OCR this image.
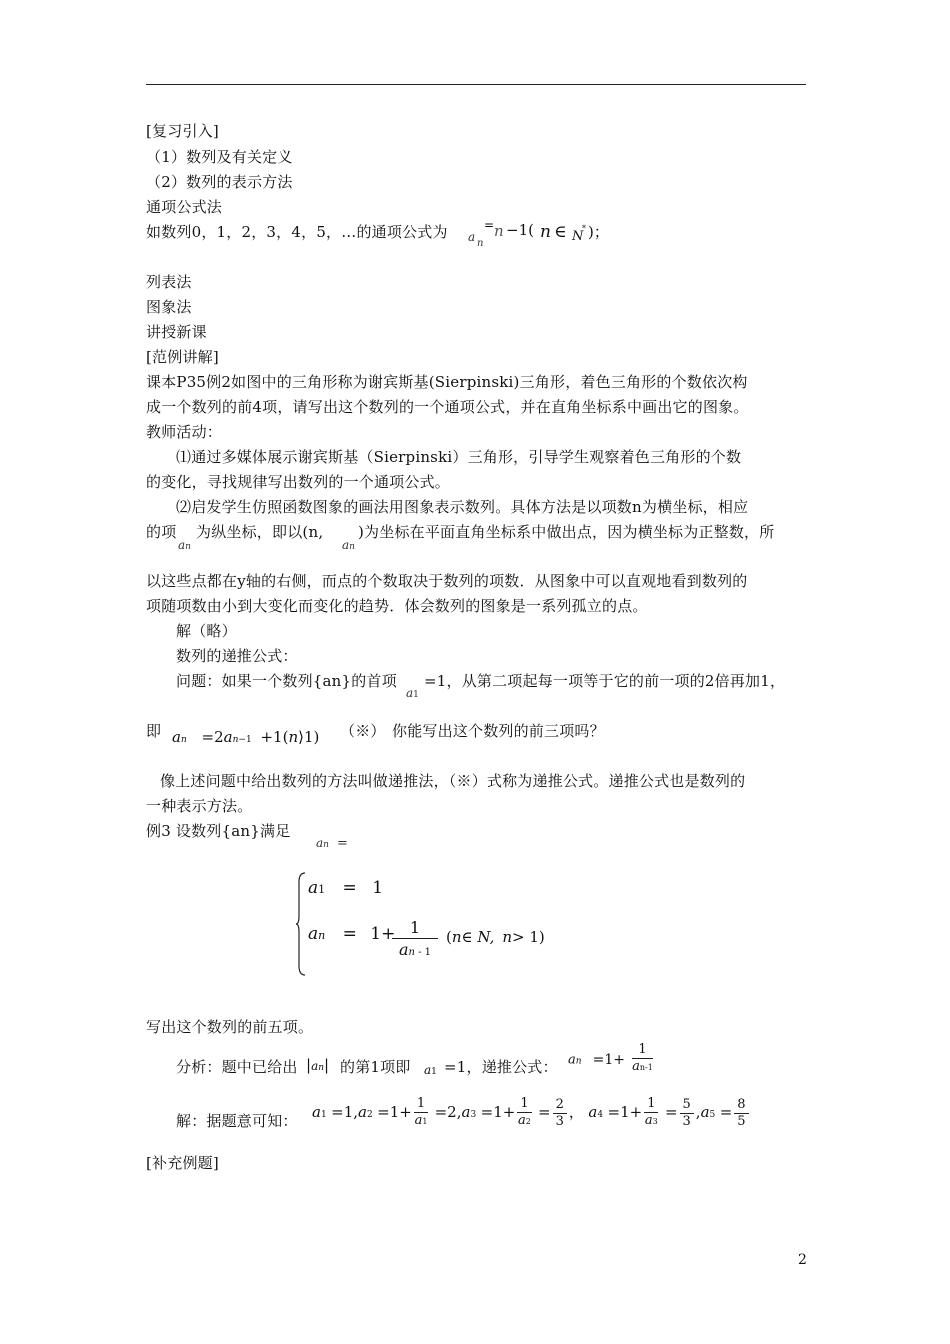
[复习引入]
（1）数列及有关定义
（2）数列的表示方法
通项公式法
如数列0，1，2，3，4，5，…的通项公式为 a n
= n −1( n ∈ N
* )；
列表法
图象法
讲授新课
[范例讲解]
课本P35例2如图中的三角形称为谢宾斯基(Sierpinski)三角形，着色三角形的个数依次构
成一个数列的前4项，请写出这个数列的一个通项公式，并在直角坐标系中画出它的图象。
教师活动：
⑴通过多媒体展示谢宾斯基（Sierpinski）三角形，引导学生观察着色三角形的个数
的变化，寻找规律写出数列的一个通项公式。
⑵启发学生仿照函数图象的画法用图象表示数列。具体方法是以项数n为横坐标，相应
的项
an
为纵坐标，即以(n,
an
)为坐标在平面直角坐标系中做出点，因为横坐标为正整数，所
以这些点都在y轴的右侧，而点的个数取决于数列的项数．从图象中可以直观地看到数列的
项随项数由小到大变化而变化的趋势．体会数列的图象是一系列孤立的点。
解（略）
数列的递推公式：
问题：如果一个数列{an}的首项
a1
=1，从第二项起每一项等于它的前一项的2倍再加1，
即 an =2an−1 +1(n⟩1) （※） 你能写出这个数列的前三项吗？
像上述问题中给出数列的方法叫做递推法，（※）式称为递推公式。递推公式也是数列的
一种表示方法。
例3 设数列{an}满足
an =
a1 = 1
an = 1+ 1
an - 1
(n∈ N, n> 1)
写出这个数列的前五项。
分析：题中已给出 |an| 的第1项即 a1 =1，递推公式： an $=1+ \frac{1}{an-1}$
解：据题意可知： $a1 =1,a2 =1+ \frac{1}{a1} =2,a3 =1+ \frac{1}{a2} = \frac{2}{3}$ ， $a4 =1+ \frac{1}{a3} = \frac{5}{3} ,a5 = \frac{8}{5}$
[补充例题]
2
